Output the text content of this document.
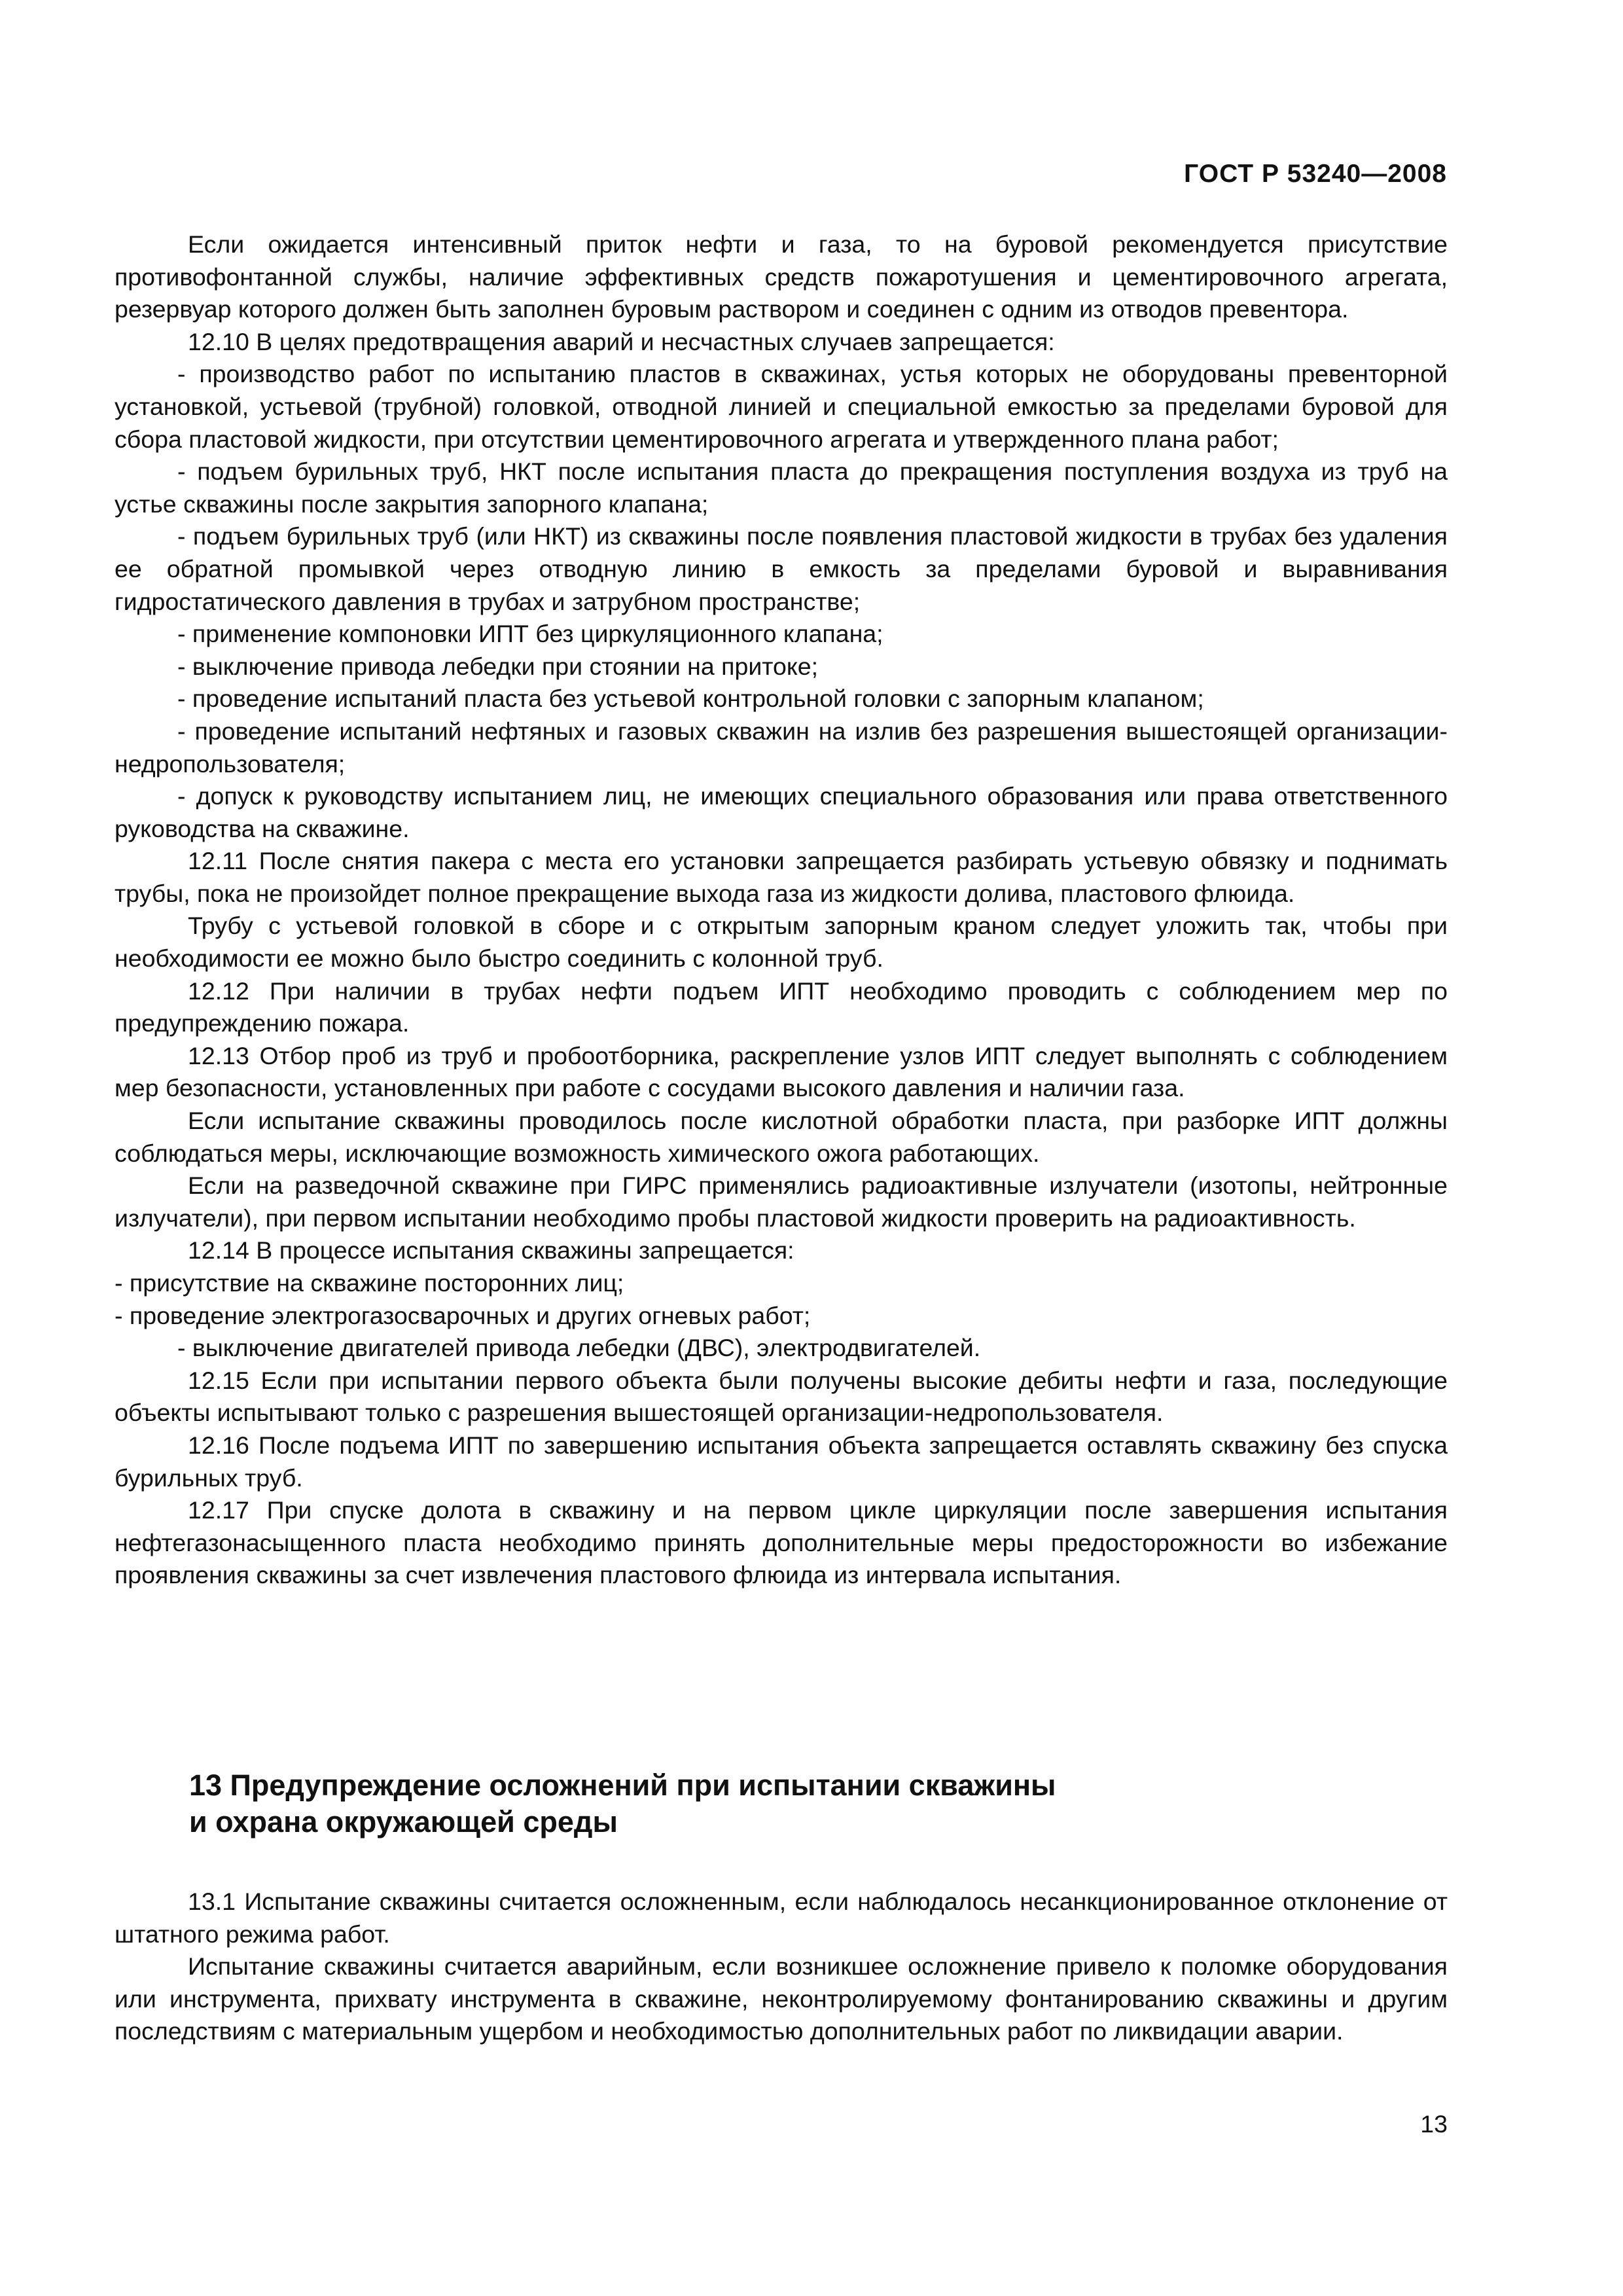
ГОСТ Р 53240—2008

Если ожидается интенсивный приток нефти и газа, то на буровой рекомендуется присутствие противофонтанной службы, наличие эффективных средств пожаротушения и цементировочного агрегата, резервуар которого должен быть заполнен буровым раствором и соединен с одним из отводов превентора.

12.10 В целях предотвращения аварий и несчастных случаев запрещается:

- производство работ по испытанию пластов в скважинах, устья которых не оборудованы превенторной установкой, устьевой (трубной) головкой, отводной линией и специальной емкостью за пределами буровой для сбора пластовой жидкости, при отсутствии цементировочного агрегата и утвержденного плана работ;

- подъем бурильных труб, НКТ после испытания пласта до прекращения поступления воздуха из труб на устье скважины после закрытия запорного клапана;

- подъем бурильных труб (или НКТ) из скважины после появления пластовой жидкости в трубах без удаления ее обратной промывкой через отводную линию в емкость за пределами буровой и выравнивания гидростатического давления в трубах и затрубном пространстве;

- применение компоновки ИПТ без циркуляционного клапана;

- выключение привода лебедки при стоянии на притоке;

- проведение испытаний пласта без устьевой контрольной головки с запорным клапаном;

- проведение испытаний нефтяных и газовых скважин на излив без разрешения вышестоящей организации-недропользователя;

- допуск к руководству испытанием лиц, не имеющих специального образования или права ответственного руководства на скважине.

12.11 После снятия пакера с места его установки запрещается разбирать устьевую обвязку и поднимать трубы, пока не произойдет полное прекращение выхода газа из жидкости долива, пластового флюида.

Трубу с устьевой головкой в сборе и с открытым запорным краном следует уложить так, чтобы при необходимости ее можно было быстро соединить с колонной труб.

12.12 При наличии в трубах нефти подъем ИПТ необходимо проводить с соблюдением мер по предупреждению пожара.

12.13 Отбор проб из труб и пробоотборника, раскрепление узлов ИПТ следует выполнять с соблюдением мер безопасности, установленных при работе с сосудами высокого давления и наличии газа.

Если испытание скважины проводилось после кислотной обработки пласта, при разборке ИПТ должны соблюдаться меры, исключающие возможность химического ожога работающих.

Если на разведочной скважине при ГИРС применялись радиоактивные излучатели (изотопы, нейтронные излучатели), при первом испытании необходимо пробы пластовой жидкости проверить на радиоактивность.

12.14 В процессе испытания скважины запрещается:

- присутствие на скважине посторонних лиц;

- проведение электрогазосварочных и других огневых работ;

- выключение двигателей привода лебедки (ДВС), электродвигателей.

12.15 Если при испытании первого объекта были получены высокие дебиты нефти и газа, последующие объекты испытывают только с разрешения вышестоящей организации-недропользователя.

12.16 После подъема ИПТ по завершению испытания объекта запрещается оставлять скважину без спуска бурильных труб.

12.17 При спуске долота в скважину и на первом цикле циркуляции после завершения испытания нефтегазонасыщенного пласта необходимо принять дополнительные меры предосторожности во избежание проявления скважины за счет извлечения пластового флюида из интервала испытания.

13 Предупреждение осложнений при испытании скважины
и охрана окружающей среды

13.1 Испытание скважины считается осложненным, если наблюдалось несанкционированное отклонение от штатного режима работ.

Испытание скважины считается аварийным, если возникшее осложнение привело к поломке оборудования или инструмента, прихвату инструмента в скважине, неконтролируемому фонтанированию скважины и другим последствиям с материальным ущербом и необходимостью дополнительных работ по ликвидации аварии.

13
